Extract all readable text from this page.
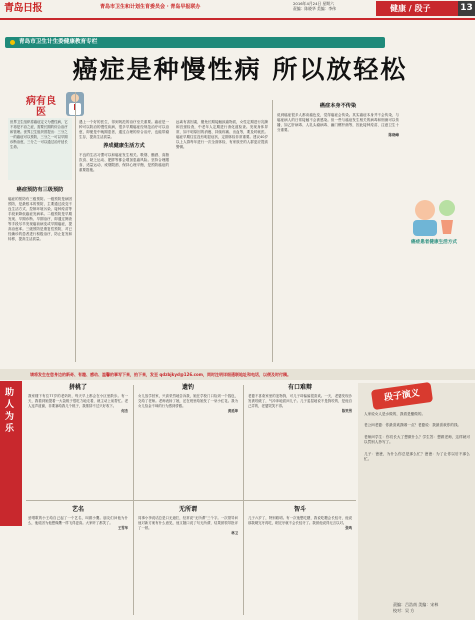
青岛日报	青岛市卫生和计划生育委员会 · 青岛早报联办
2016年4月24日 星期六
责编：陈晓华 美编：李伟	健康 / 段子	13
青岛市卫生计生委健康教育专栏
癌症是种慢性病 所以放轻松
病有良医
世界卫生组织将癌症定义为慢性病，它不再是不治之症，需要长期的综合治疗和管理。世界卫生组织曾提出：三分之一的癌症可以预防，三分之一可以早期诊断治愈，三分之一可以通过治疗延长生命。
癌症预防有三级预防
癌症的预防有三级预防。一级预防是病因预防，是最根本的预防，主要通过改变不良生活方式、控制环境污染、接种疫苗等手段来降低癌症发病率。二级预防是早期发现、早期诊断、早期治疗，即通过筛查等手段尽早发现癌前病变或早期癌症，提高治愈率。三级预防是康复性预防，对已经确诊的患者进行积极治疗，防止复发和转移，提高生活质量。
遇上一个好的医生，得到规范的治疗至关重要。癌症是一种可以防治的慢性疾病，很多早期癌症经规范治疗可以治愈，即便是中晚期患者，通过合理的综合治疗，也能带瘤生存，提高生活质量。
养成健康生活方式
不良的生活习惯可以和癌症发生相关。吸烟、酗酒、高脂饮食、缺乏运动、肥胖等都会增加患癌风险。坚持合理膳食、适量运动、戒烟限酒、保持心理平衡，是预防癌症的重要措施。
远离有害因素，避免长期接触致癌物质，女性定期进行乳腺和宫颈检查，中老年人定期进行消化道检查。发现身体异常，如不明原因的消瘦、持续疼痛、出血等，要及时就医。癌症早期往往没有明显症状，定期体检非常重要。建议40岁以上人群每年进行一次全面体检，有家族史的人群更应提高警惕。
癌症本身不传染
说到癌症很多人都谈癌色变，觉得癌症会传染。其实癌症本身并不会传染，与癌症病人的日常接触不会被感染。但一些与癌症发生相关的病毒和细菌可以传播，如乙肝病毒、人乳头瘤病毒、幽门螺杆菌等，因此接种疫苗、注意卫生十分重要。
陈晓峰
癌症患者健康生活方式
请将发生在您身边的新奇、有趣、感动、温馨的事写下来，拍下来，发至 qdzbjkyd@126.com，同时注明详细通联地址和电话，以便及时付稿。
助人为乐
拼桃了
我家楼下有位77岁的老奶奶，每天早上都会在小区里散步。有一天，我看到她提着一大袋桃子很吃力地走着，就主动上前帮忙。老人连声道谢，非要塞给我几个桃子，我推辞不过只好收下。
何杰
遗钓
女儿放学回家，兴高采烈地告诉我，她在学校门口捡到一个钱包，交给了老师。老师表扬了她，还在班里给她发了一朵小红花。我为女儿拾金不昧的行为感到骄傲。
黄延坤
有口难辩
老婆不喜欢家里的宠物狗，可儿子却偏偏很喜欢。一天，老婆发现沙发被咬破了，气冲冲地质问儿子。儿子委屈地说不是狗咬的，是他自己弄的，老婆哭笑不得。
陈笑男
艺名
爱唱歌的小王给自己起了一个艺名，叫做小鹰。朋友们问他为什么，他说因为他想像鹰一样飞得更高。大家听了都笑了。
王雪华
无所谓
同事小李说话总是口无遮拦，经常说“无所谓”三个字。一次领导问他对新方案有什么意见，他又随口说了句无所谓，结果被领导批评了一顿。
林卫
智斗
儿子六岁了，特别聪明。有一次他想吃糖，我说吃糖会长蛀牙，他说那我刷完牙再吃，刷完牙就不会长蛀牙了。我被他说得无言以对。
张鸣
段子演义

人家说女人是水做的，我看是醋做的。

老公问老婆：你最喜欢我哪一点？老婆说：我最喜欢你的钱。

老师问学生：你们长大了想做什么？学生答：想做老师，这样就可以罚别人抄写了。

儿子：爸爸，为什么你总是那么忙？爸爸：为了让你以后不那么忙。

责编：吕浩南 美编：宋林
校对：吴 方
